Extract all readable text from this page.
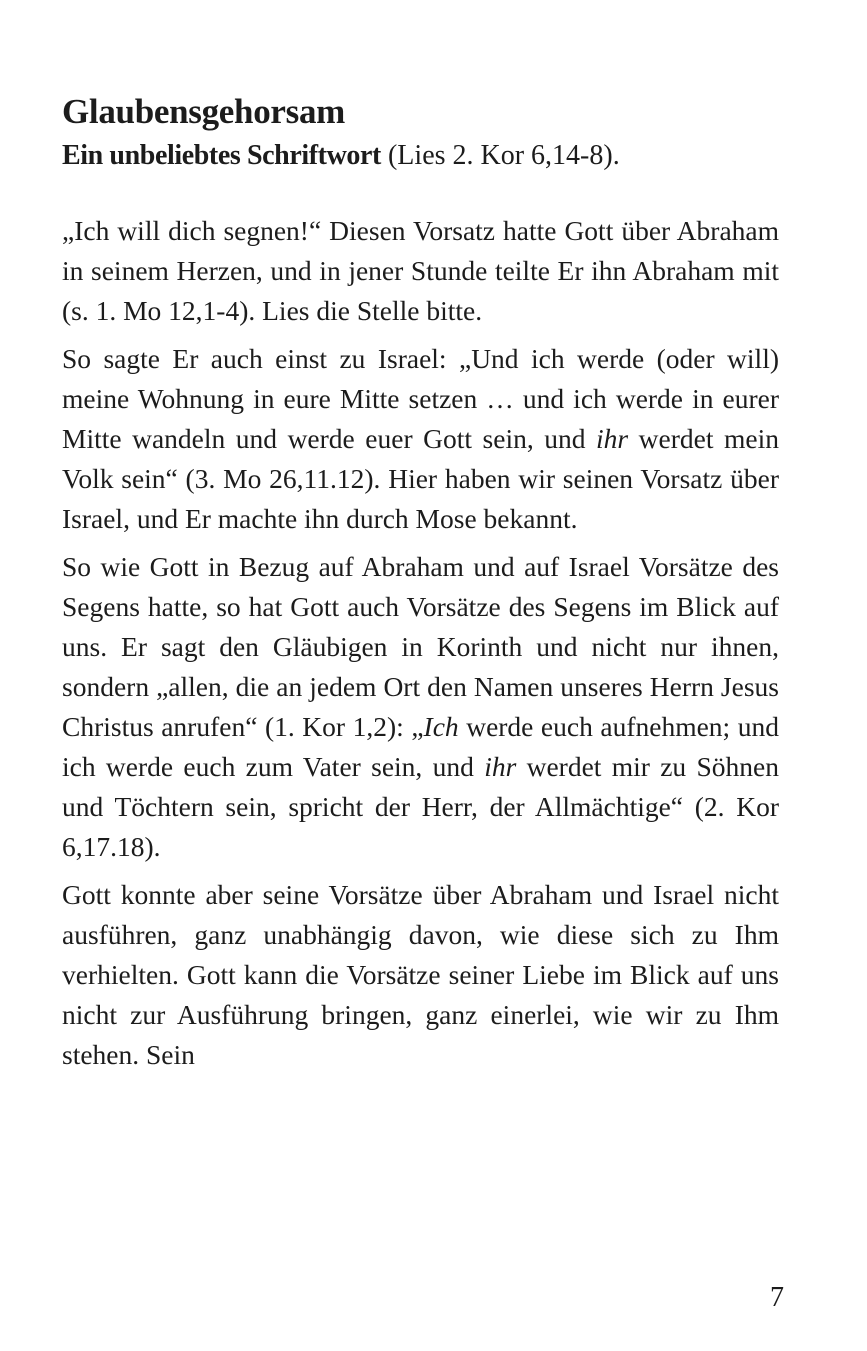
Glaubensgehorsam

Ein unbeliebtes Schriftwort (Lies 2. Kor 6,14-8).

„Ich will dich segnen!“ Diesen Vorsatz hatte Gott über Abraham in seinem Herzen, und in jener Stunde teilte Er ihn Abraham mit (s. 1. Mo 12,1-4). Lies die Stelle bitte.

So sagte Er auch einst zu Israel: „Und ich werde (oder will) meine Wohnung in eure Mitte setzen … und ich werde in eurer Mitte wandeln und werde euer Gott sein, und ihr werdet mein Volk sein“ (3. Mo 26,11.12). Hier haben wir seinen Vorsatz über Israel, und Er machte ihn durch Mose bekannt.

So wie Gott in Bezug auf Abraham und auf Israel Vorsätze des Segens hatte, so hat Gott auch Vorsätze des Segens im Blick auf uns. Er sagt den Gläubigen in Korinth und nicht nur ihnen, sondern „allen, die an jedem Ort den Namen unseres Herrn Jesus Christus anrufen“ (1. Kor 1,2): „Ich werde euch aufnehmen; und ich werde euch zum Vater sein, und ihr werdet mir zu Söhnen und Töchtern sein, spricht der Herr, der Allmächtige“ (2. Kor 6,17.18).

Gott konnte aber seine Vorsätze über Abraham und Israel nicht ausführen, ganz unabhängig davon, wie diese sich zu Ihm verhielten. Gott kann die Vorsätze seiner Liebe im Blick auf uns nicht zur Ausführung bringen, ganz einerlei, wie wir zu Ihm stehen. Sein

7
